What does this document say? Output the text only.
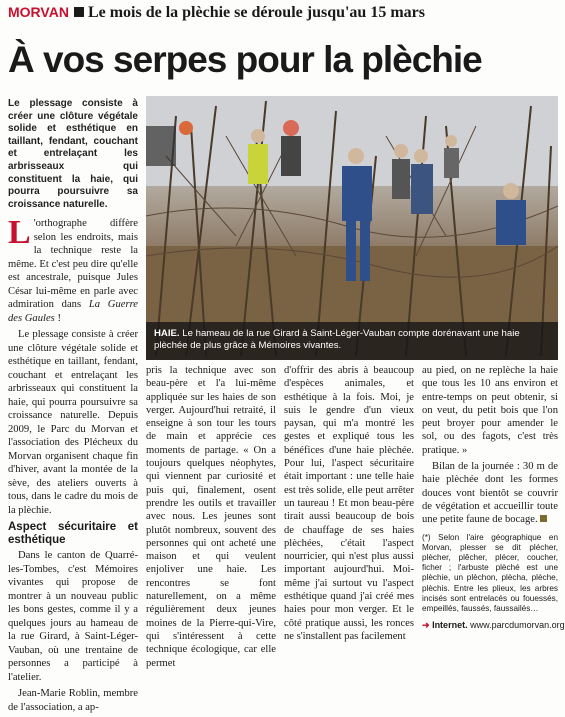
MORVAN Le mois de la plèchie se déroule jusqu'au 15 mars
À vos serpes pour la plèchie
Le plessage consiste à créer une clôture végétale solide et esthétique en taillant, fendant, couchant et entrelaçant les arbrisseaux qui constituent la haie, qui pourra poursuivre sa croissance naturelle.

L 'orthographe diffère selon les endroits, mais la technique reste la même. Et c'est peu dire qu'elle est ancestrale, puisque Jules César lui-même en parle avec admiration dans La Guerre des Gaules !

Le plessage consiste à créer une clôture végétale solide et esthétique en taillant, fendant, couchant et entrelaçant les arbrisseaux qui constituent la haie, qui pourra poursuivre sa croissance naturelle. Depuis 2009, le Parc du Morvan et l'association des Plécheux du Morvan organisent chaque fin d'hiver, avant la montée de la sève, des ateliers ouverts à tous, dans le cadre du mois de la plèchie.

Aspect sécuritaire et esthétique

Dans le canton de Quarré-les-Tombes, c'est Mémoires vivantes qui propose de montrer à un nouveau public les bons gestes, comme il y a quelques jours au hameau de la rue Girard, à Saint-Léger-Vauban, où une trentaine de personnes a participé à l'atelier.

Jean-Marie Roblin, membre de l'association, a ap-

HAIE. Le hameau de la rue Girard à Saint-Léger-Vauban compte dorénavant une haie plèchée de plus grâce à Mémoires vivantes.

pris la technique avec son beau-père et l'a lui-même appliquée sur les haies de son verger. Aujourd'hui retraité, il enseigne à son tour les tours de main et apprécie ces moments de partage. « On a toujours quelques néophytes, qui viennent par curiosité et puis qui, finalement, osent prendre les outils et travailler avec nous. Les jeunes sont plutôt nombreux, souvent des personnes qui ont acheté une maison et qui veulent enjoliver une haie. Les rencontres se font naturellement, on a même régulièrement deux jeunes moines de la Pierre-qui-Vire, qui s'intéressent à cette technique écologique, car elle permet

d'offrir des abris à beaucoup d'espèces animales, et esthétique à la fois. Moi, je suis le gendre d'un vieux paysan, qui m'a montré les gestes et expliqué tous les bénéfices d'une haie plèchée. Pour lui, l'aspect sécuritaire était important : une telle haie est très solide, elle peut arrêter un taureau ! Et mon beau-père tirait aussi beaucoup de bois de chauffage de ses haies plèchées, c'était l'aspect nourricier, qui n'est plus aussi important aujourd'hui. Moi-même j'ai surtout vu l'aspect esthétique quand j'ai créé mes haies pour mon verger. Et le côté pratique aussi, les ronces ne s'installent pas facilement

au pied, on ne replèche la haie que tous les 10 ans environ et entre-temps on peut obtenir, si on veut, du petit bois que l'on peut broyer pour amender le sol, ou des fagots, c'est très pratique. »

Bilan de la journée : 30 m de haie plèchée dont les formes douces vont bientôt se couvrir de végétation et accueillir toute une petite faune de bocage.

(*) Selon l'aire géographique en Morvan, plesser se dit plécher, plècher, plêcher, plécer, coucher, ficher ; l'arbuste plèché est une plèchie, un plèchon, plècha, plèche, plèchis. Entre les plieux, les arbres incisés sont entrelacés ou fouessés, empeillés, faussés, faussailés…

➜ Internet. www.parcdumorvan.org
